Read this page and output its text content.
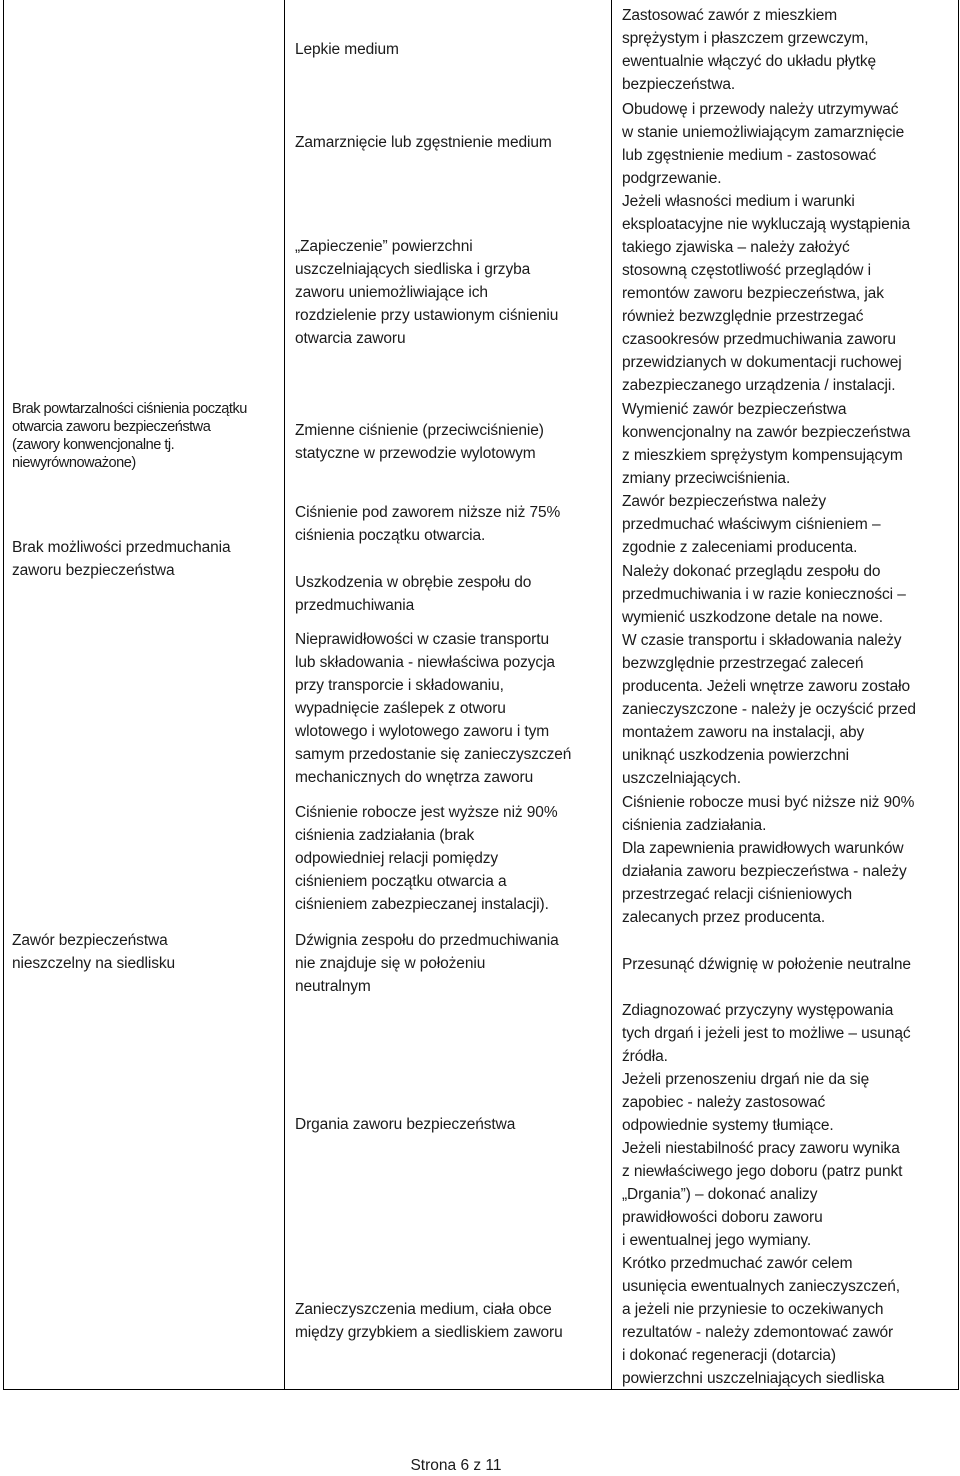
Brak powtarzalności ciśnienia początku

otwarcia zaworu bezpieczeństwa

(zawory konwencjonalne tj.

niewyrównoważone)

Brak możliwości przedmuchania

zaworu bezpieczeństwa

Zawór bezpieczeństwa

nieszczelny na siedlisku

Lepkie medium

Zamarznięcie lub zgęstnienie medium

„Zapieczenie” powierzchni

uszczelniających siedliska i grzyba

zaworu uniemożliwiające ich

rozdzielenie przy ustawionym ciśnieniu

otwarcia zaworu

Zmienne ciśnienie (przeciwciśnienie)

statyczne w przewodzie wylotowym

Ciśnienie pod zaworem niższe niż 75%

ciśnienia początku otwarcia.

Uszkodzenia w obrębie zespołu do

przedmuchiwania

Nieprawidłowości w czasie transportu

lub składowania - niewłaściwa pozycja

przy transporcie i składowaniu,

wypadnięcie zaślepek z otworu

wlotowego i wylotowego zaworu i tym

samym przedostanie się zanieczyszczeń

mechanicznych do wnętrza zaworu

Ciśnienie robocze jest wyższe niż 90%

ciśnienia zadziałania (brak

odpowiedniej relacji pomiędzy

ciśnieniem początku otwarcia a

ciśnieniem zabezpieczanej instalacji).

Dźwignia zespołu do przedmuchiwania

nie znajduje się w położeniu

neutralnym

Drgania zaworu bezpieczeństwa

Zanieczyszczenia medium, ciała obce

między grzybkiem a siedliskiem zaworu

Zastosować zawór z mieszkiem

sprężystym i płaszczem grzewczym,

ewentualnie włączyć do układu płytkę

bezpieczeństwa.

Obudowę i przewody należy utrzymywać

w stanie uniemożliwiającym zamarznięcie

lub zgęstnienie medium - zastosować

podgrzewanie.

Jeżeli własności medium i warunki

eksploatacyjne nie wykluczają wystąpienia

takiego zjawiska – należy założyć

stosowną częstotliwość przeglądów i

remontów zaworu bezpieczeństwa, jak

również bezwzględnie przestrzegać

czasookresów przedmuchiwania zaworu

przewidzianych w dokumentacji ruchowej

zabezpieczanego urządzenia / instalacji.

Wymienić zawór bezpieczeństwa

konwencjonalny na zawór bezpieczeństwa

z mieszkiem sprężystym kompensującym

zmiany przeciwciśnienia.

Zawór bezpieczeństwa należy

przedmuchać właściwym ciśnieniem –

zgodnie z zaleceniami producenta.

Należy dokonać przeglądu zespołu do

przedmuchiwania i w razie konieczności –

wymienić uszkodzone detale na nowe.

W czasie transportu i składowania należy

bezwzględnie przestrzegać zaleceń

producenta. Jeżeli wnętrze zaworu zostało

zanieczyszczone - należy je oczyścić przed

montażem zaworu na instalacji, aby

uniknąć uszkodzenia powierzchni

uszczelniających.

Ciśnienie robocze musi być niższe niż 90%

ciśnienia zadziałania.

Dla zapewnienia prawidłowych warunków

działania zaworu bezpieczeństwa - należy

przestrzegać relacji ciśnieniowych

zalecanych przez producenta.

Przesunąć dźwignię w położenie neutralne

Zdiagnozować przyczyny występowania

tych drgań i jeżeli jest to możliwe – usunąć

źródła.

Jeżeli przenoszeniu drgań nie da się

zapobiec - należy zastosować

odpowiednie systemy tłumiące.

Jeżeli niestabilność pracy zaworu wynika

z niewłaściwego jego doboru (patrz punkt

„Drgania”) – dokonać analizy

prawidłowości doboru zaworu

i ewentualnej jego wymiany.

Krótko przedmuchać zawór celem

usunięcia ewentualnych zanieczyszczeń,

a jeżeli nie przyniesie to oczekiwanych

rezultatów - należy zdemontować zawór

i dokonać regeneracji (dotarcia)

powierzchni uszczelniających siedliska

Strona 6 z 11
